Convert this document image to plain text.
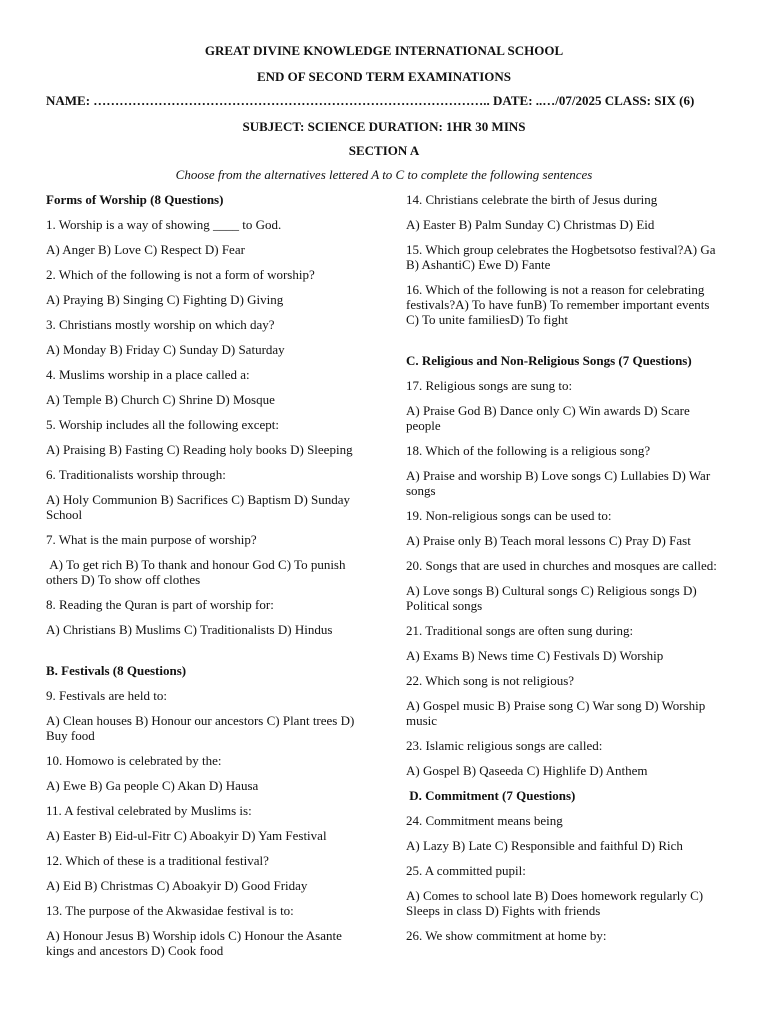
GREAT DIVINE KNOWLEDGE INTERNATIONAL SCHOOL
END OF SECOND TERM EXAMINATIONS
NAME: ……………………………………………………………………………….. DATE: ..…/07/2025 CLASS: SIX (6)
SUBJECT: SCIENCE DURATION: 1HR 30 MINS
SECTION A
Choose from the alternatives lettered A to C to complete the following sentences

Forms of Worship (8 Questions)

1. Worship is a way of showing ____ to God.

A) Anger B) Love C) Respect D) Fear

2. Which of the following is not a form of worship?

A) Praying B) Singing C) Fighting D) Giving

3. Christians mostly worship on which day?

A) Monday B) Friday C) Sunday D) Saturday

4. Muslims worship in a place called a:

A) Temple B) Church C) Shrine D) Mosque

5. Worship includes all the following except:

A) Praising B) Fasting C) Reading holy books D) Sleeping

6. Traditionalists worship through:

A) Holy Communion B) Sacrifices C) Baptism D) Sunday School

7. What is the main purpose of worship?

A) To get rich B) To thank and honour God C) To punish others D) To show off clothes

8. Reading the Quran is part of worship for:

A) Christians B) Muslims C) Traditionalists D) Hindus

B. Festivals (8 Questions)

9. Festivals are held to:

A) Clean houses B) Honour our ancestors C) Plant trees D) Buy food

10. Homowo is celebrated by the:

A) Ewe B) Ga people C) Akan D) Hausa

11. A festival celebrated by Muslims is:

A) Easter B) Eid-ul-Fitr C) Aboakyir D) Yam Festival

12. Which of these is a traditional festival?

A) Eid B) Christmas C) Aboakyir D) Good Friday

13. The purpose of the Akwasidae festival is to:

A) Honour Jesus B) Worship idols C) Honour the Asante kings and ancestors D) Cook food

14. Christians celebrate the birth of Jesus during

A) Easter B) Palm Sunday C) Christmas D) Eid

15. Which group celebrates the Hogbetsotso festival?A) Ga B) AshantiC) Ewe D) Fante

16. Which of the following is not a reason for celebrating festivals?A) To have funB) To remember important events C) To unite familiesD) To fight

C. Religious and Non-Religious Songs (7 Questions)

17. Religious songs are sung to:

A) Praise God B) Dance only C) Win awards D) Scare people

18. Which of the following is a religious song?

A) Praise and worship B) Love songs C) Lullabies D) War songs

19. Non-religious songs can be used to:

A) Praise only B) Teach moral lessons C) Pray D) Fast

20. Songs that are used in churches and mosques are called:

A) Love songs B) Cultural songs C) Religious songs D) Political songs

21. Traditional songs are often sung during:

A) Exams B) News time C) Festivals D) Worship

22. Which song is not religious?

A) Gospel music B) Praise song C) War song D) Worship music

23. Islamic religious songs are called:

A) Gospel B) Qaseeda C) Highlife D) Anthem

D. Commitment (7 Questions)

24. Commitment means being

A) Lazy B) Late C) Responsible and faithful D) Rich

25. A committed pupil:

A) Comes to school late B) Does homework regularly C) Sleeps in class D) Fights with friends

26. We show commitment at home by:
